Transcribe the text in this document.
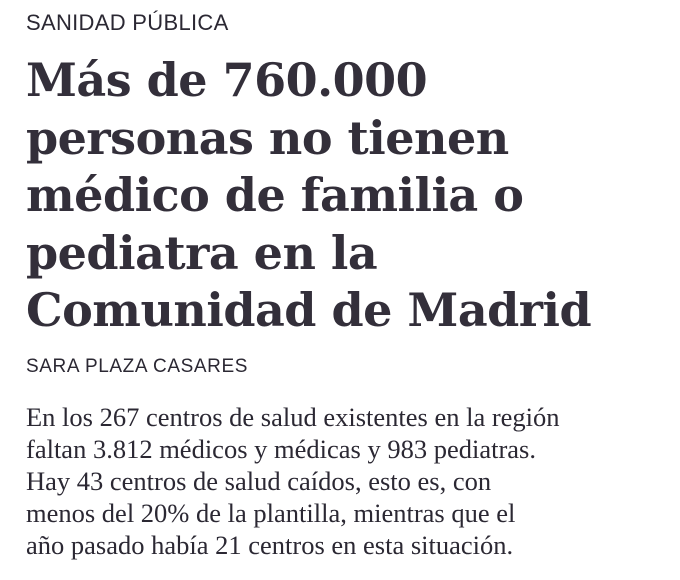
SANIDAD PÚBLICA
Más de 760.000
personas no tienen
médico de familia o
pediatra en la
Comunidad de Madrid
SARA PLAZA CASARES

En los 267 centros de salud existentes en la región
faltan 3.812 médicos y médicas y 983 pediatras.
Hay 43 centros de salud caídos, esto es, con
menos del 20% de la plantilla, mientras que el
año pasado había 21 centros en esta situación.
